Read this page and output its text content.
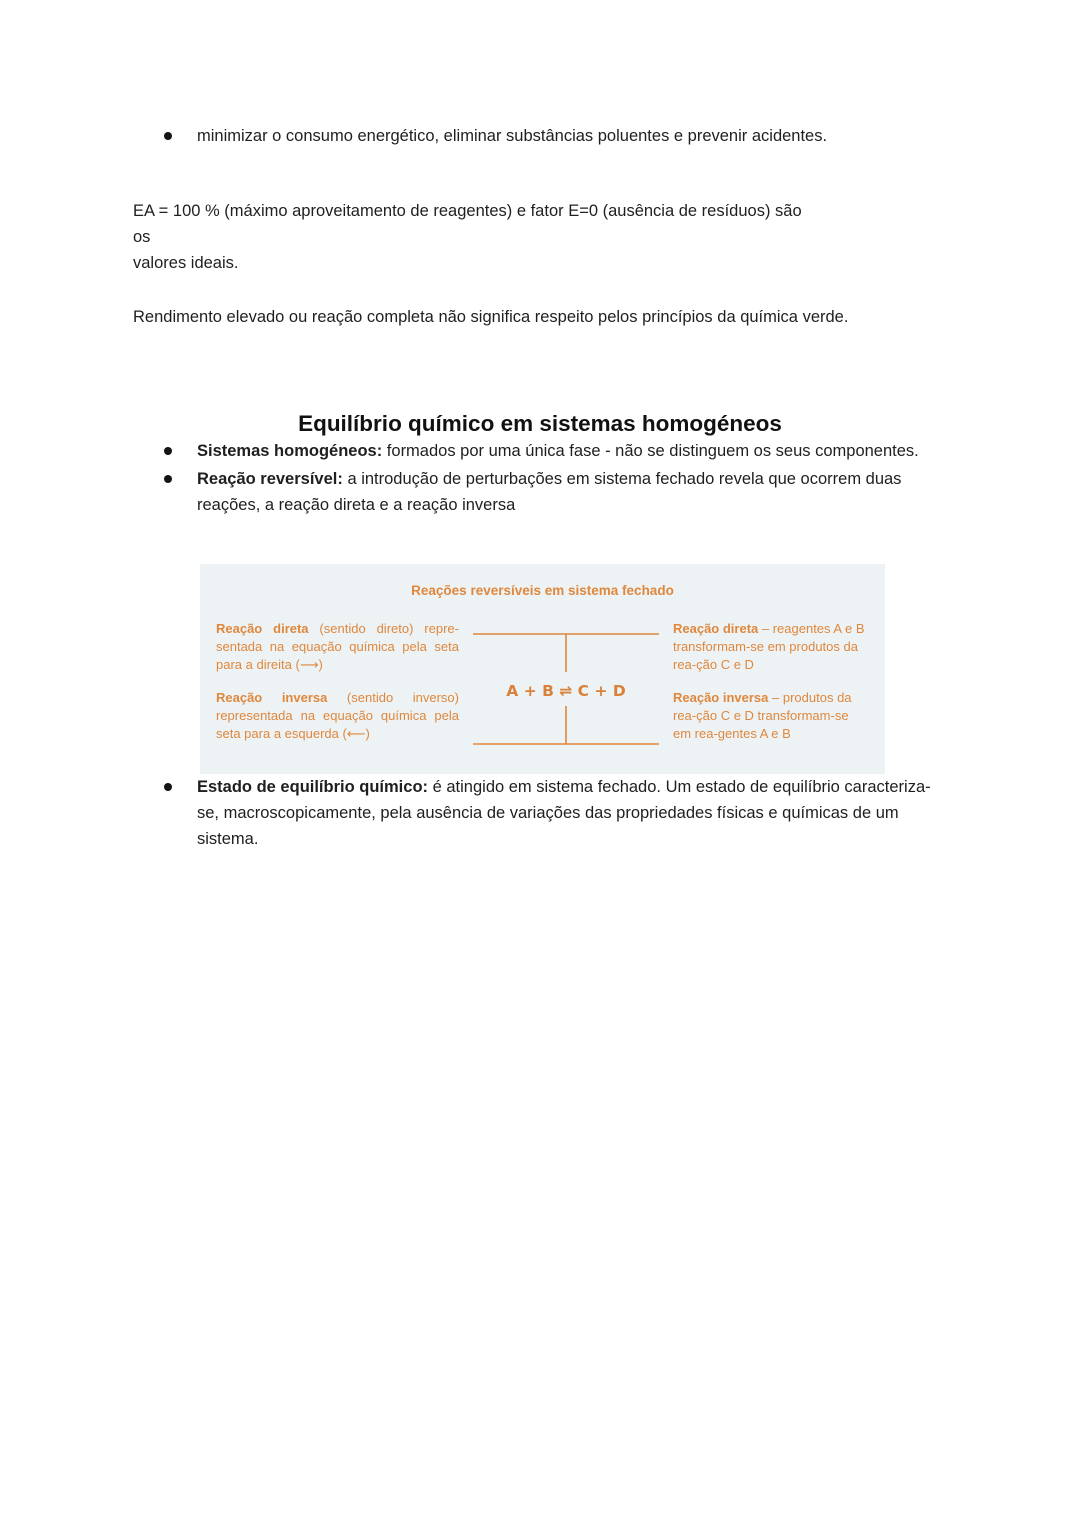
minimizar o consumo energético, eliminar substâncias poluentes e prevenir acidentes.
EA = 100 % (máximo aproveitamento de reagentes) e fator E=0 (ausência de resíduos) são
os
valores ideais.

Rendimento elevado ou reação completa não significa respeito pelos princípios da química verde.

Equilíbrio químico em sistemas homogéneos
Sistemas homogéneos: formados por uma única fase - não se distinguem os seus componentes.
Reação reversível: a introdução de perturbações em sistema fechado revela que ocorrem duas reações, a reação direta e a reação inversa
Reações reversíveis em sistema fechado

Reação direta (sentido direto) repre-sentada na equação química pela seta para a direita (⟶)

Reação inversa (sentido inverso) representada na equação química pela seta para a esquerda (⟵)

A + B ⇌ C + D

Reação direta – reagentes A e B transformam-se em produtos da rea-ção C e D

Reação inversa – produtos da rea-ção C e D transformam-se em rea-gentes A e B

Estado de equilíbrio químico: é atingido em sistema fechado. Um estado de equilíbrio caracteriza-se, macroscopicamente, pela ausência de variações das propriedades físicas e químicas de um sistema.
